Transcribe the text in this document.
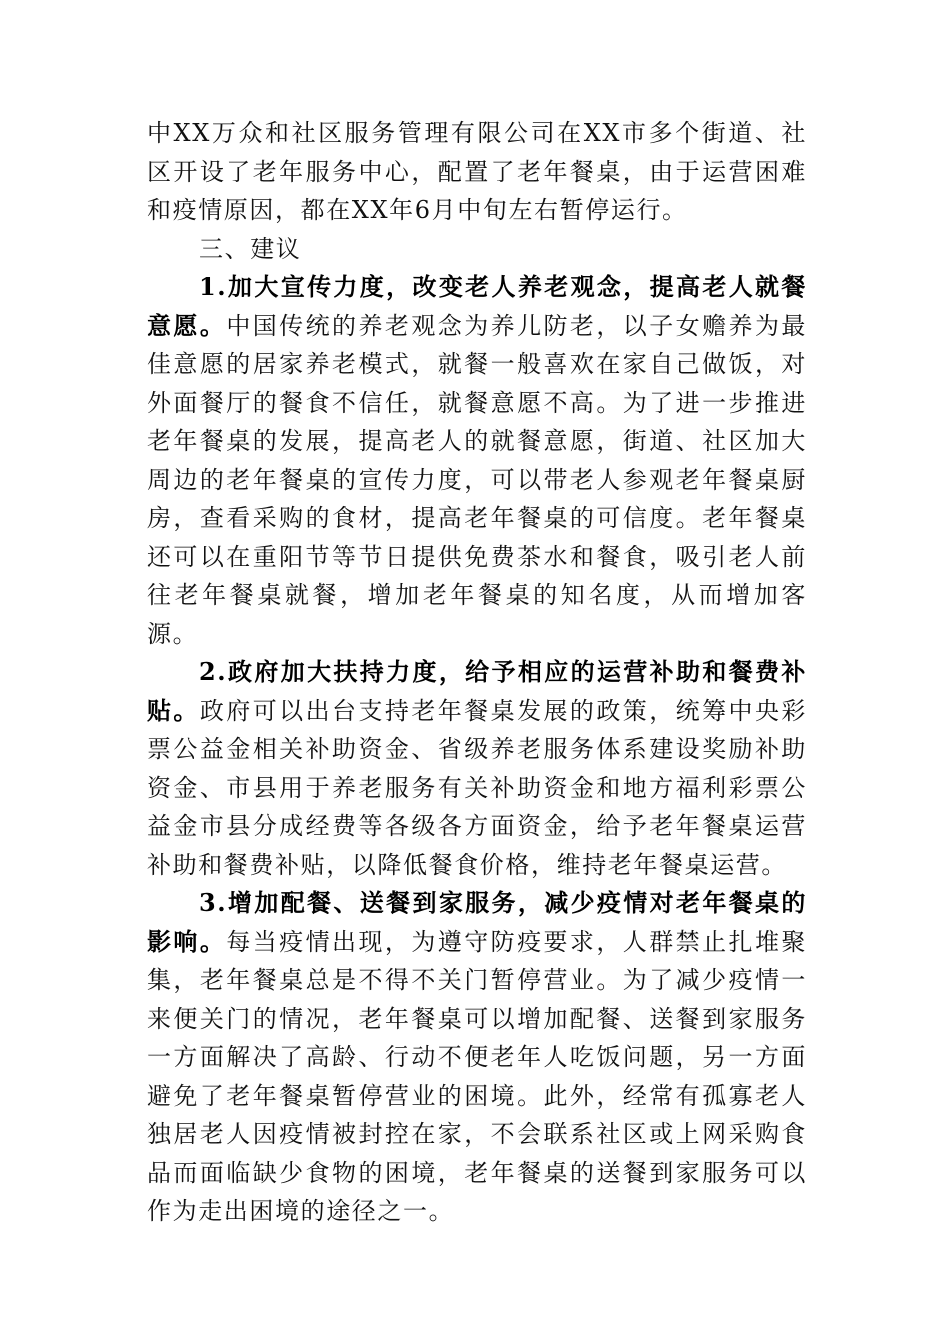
中XX万众和社区服务管理有限公司在XX市多个街道、社区开设了老年服务中心，配置了老年餐桌，由于运营困难和疫情原因，都在XX年6月中旬左右暂停运行。

三、建议

1.加大宣传力度，改变老人养老观念，提高老人就餐意愿。中国传统的养老观念为养儿防老，以子女赡养为最佳意愿的居家养老模式，就餐一般喜欢在家自己做饭，对外面餐厅的餐食不信任，就餐意愿不高。为了进一步推进老年餐桌的发展，提高老人的就餐意愿，街道、社区加大周边的老年餐桌的宣传力度，可以带老人参观老年餐桌厨房，查看采购的食材，提高老年餐桌的可信度。老年餐桌还可以在重阳节等节日提供免费茶水和餐食，吸引老人前往老年餐桌就餐，增加老年餐桌的知名度，从而增加客源。

2.政府加大扶持力度，给予相应的运营补助和餐费补贴。政府可以出台支持老年餐桌发展的政策，统筹中央彩票公益金相关补助资金、省级养老服务体系建设奖励补助资金、市县用于养老服务有关补助资金和地方福利彩票公益金市县分成经费等各级各方面资金，给予老年餐桌运营补助和餐费补贴，以降低餐食价格，维持老年餐桌运营。

3.增加配餐、送餐到家服务，减少疫情对老年餐桌的影响。每当疫情出现，为遵守防疫要求，人群禁止扎堆聚集，老年餐桌总是不得不关门暂停营业。为了减少疫情一来便关门的情况，老年餐桌可以增加配餐、送餐到家服务一方面解决了高龄、行动不便老年人吃饭问题，另一方面避免了老年餐桌暂停营业的困境。此外，经常有孤寡老人独居老人因疫情被封控在家，不会联系社区或上网采购食品而面临缺少食物的困境，老年餐桌的送餐到家服务可以作为走出困境的途径之一。
